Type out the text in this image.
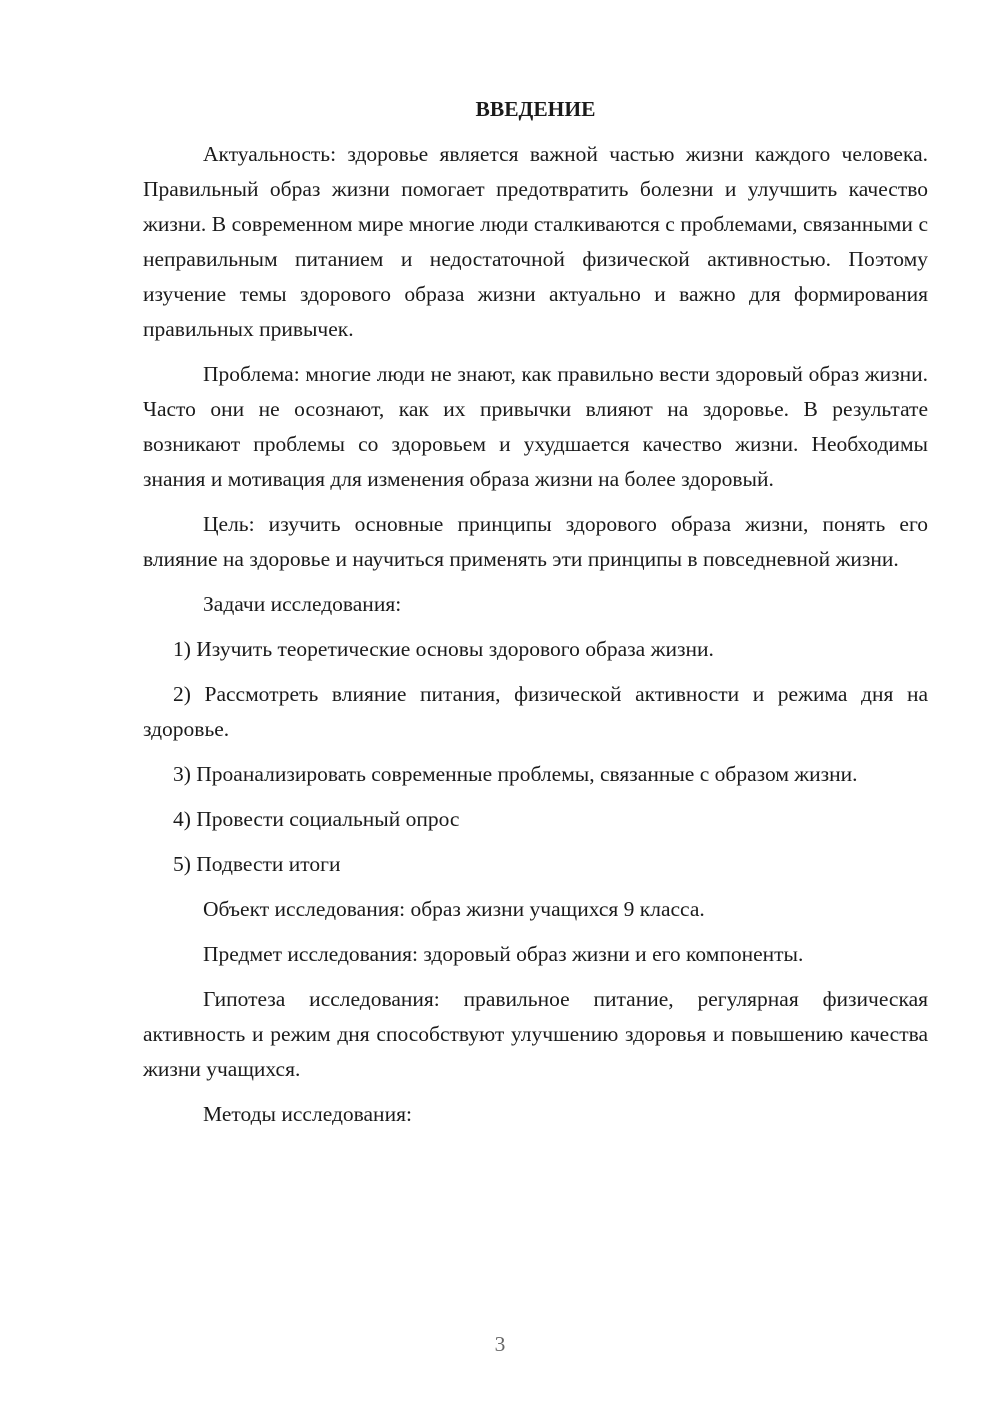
ВВЕДЕНИЕ

Актуальность: здоровье является важной частью жизни каждого человека. Правильный образ жизни помогает предотвратить болезни и улучшить качество жизни. В современном мире многие люди сталкиваются с проблемами, связанными с неправильным питанием и недостаточной физической активностью. Поэтому изучение темы здорового образа жизни актуально и важно для формирования правильных привычек.

Проблема: многие люди не знают, как правильно вести здоровый образ жизни. Часто они не осознают, как их привычки влияют на здоровье. В результате возникают проблемы со здоровьем и ухудшается качество жизни. Необходимы знания и мотивация для изменения образа жизни на более здоровый.

Цель: изучить основные принципы здорового образа жизни, понять его влияние на здоровье и научиться применять эти принципы в повседневной жизни.

Задачи исследования:

1) Изучить теоретические основы здорового образа жизни.

2) Рассмотреть влияние питания, физической активности и режима дня на здоровье.

3) Проанализировать современные проблемы, связанные с образом жизни.

4) Провести социальный опрос

5) Подвести итоги

Объект исследования: образ жизни учащихся 9 класса.

Предмет исследования: здоровый образ жизни и его компоненты.

Гипотеза исследования: правильное питание, регулярная физическая активность и режим дня способствуют улучшению здоровья и повышению качества жизни учащихся.

Методы исследования:

3
